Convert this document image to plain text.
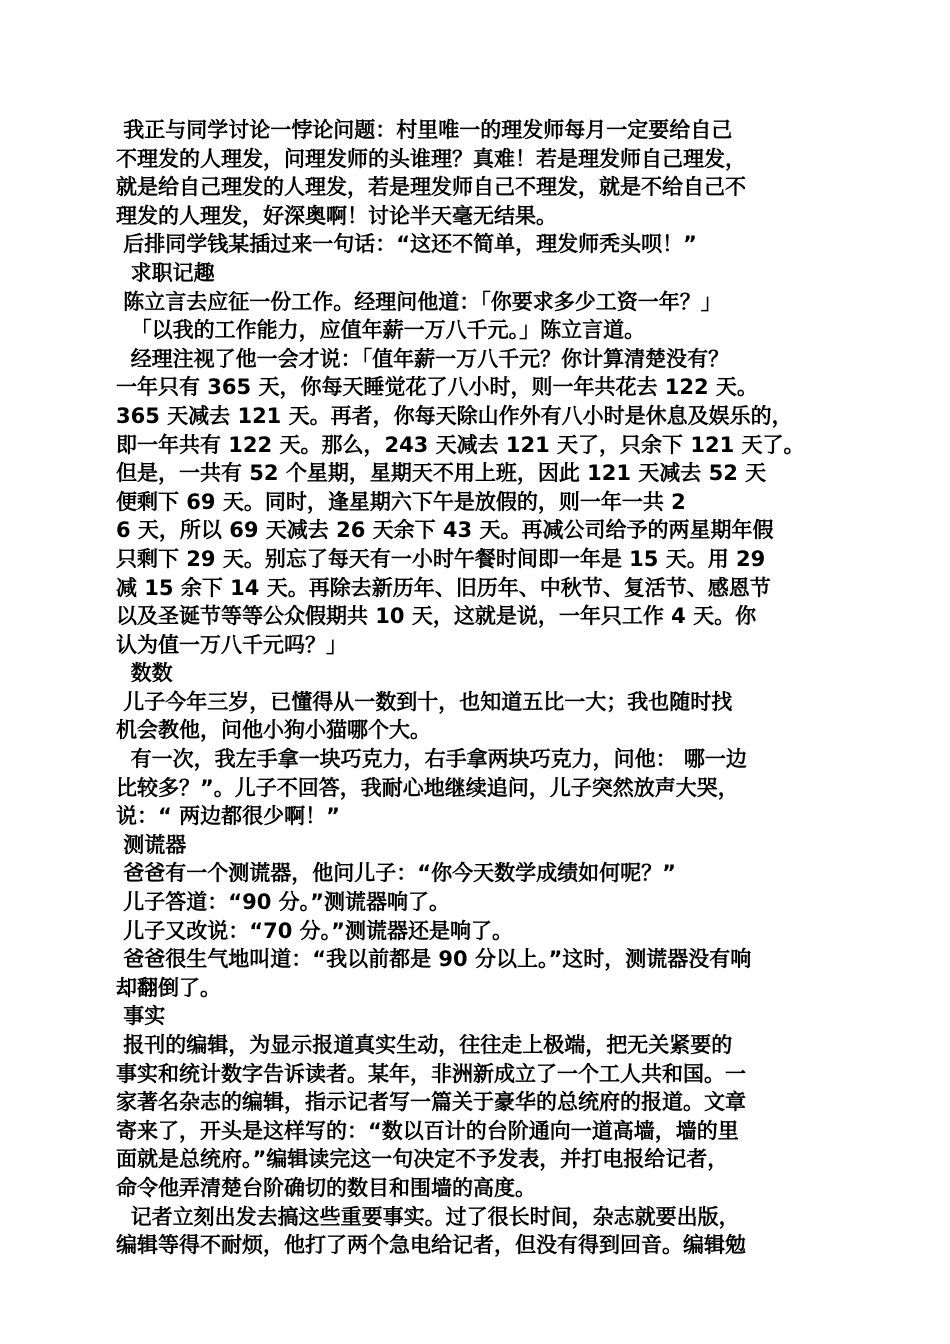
我正与同学讨论一悖论问题：村里唯一的理发师每月一定要给自己
不理发的人理发，问理发师的头谁理？真难！若是理发师自己理发，
就是给自己理发的人理发，若是理发师自己不理发，就是不给自己不
理发的人理发，好深奥啊！讨论半天毫无结果。
后排同学钱某插过来一句话：“这还不简单，理发师秃头呗！”
求职记趣
陈立言去应征一份工作。经理问他道：「你要求多少工资一年？」
「以我的工作能力，应值年薪一万八千元。」陈立言道。
经理注视了他一会才说：「值年薪一万八千元？你计算清楚没有？
一年只有 365 天，你每天睡觉花了八小时，则一年共花去 122 天。
365 天减去 121 天。再者，你每天除山作外有八小时是休息及娱乐的，
即一年共有 122 天。那么，243 天减去 121 天了，只余下 121 天了。
但是，一共有 52 个星期，星期天不用上班，因此 121 天减去 52 天
便剩下 69 天。同时，逢星期六下午是放假的，则一年一共 2
6 天，所以 69 天减去 26 天余下 43 天。再减公司给予的两星期年假
只剩下 29 天。别忘了每天有一小时午餐时间即一年是 15 天。用 29
减 15 余下 14 天。再除去新历年、旧历年、中秋节、复活节、感恩节
以及圣诞节等等公众假期共 10 天，这就是说，一年只工作 4 天。你
认为值一万八千元吗？」
数数
儿子今年三岁，已懂得从一数到十，也知道五比一大；我也随时找
机会教他，问他小狗小猫哪个大。
有一次，我左手拿一块巧克力，右手拿两块巧克力，问他： 哪一边
比较多？”。儿子不回答，我耐心地继续追问，儿子突然放声大哭，
说：“ 两边都很少啊！”
测谎器
爸爸有一个测谎器，他问儿子：“你今天数学成绩如何呢？”
儿子答道：“90 分。”测谎器响了。
儿子又改说：“70 分。”测谎器还是响了。
爸爸很生气地叫道：“我以前都是 90 分以上。”这时，测谎器没有响
却翻倒了。
事实
报刊的编辑，为显示报道真实生动，往往走上极端，把无关紧要的
事实和统计数字告诉读者。某年，非洲新成立了一个工人共和国。一
家著名杂志的编辑，指示记者写一篇关于豪华的总统府的报道。文章
寄来了，开头是这样写的：“数以百计的台阶通向一道高墙，墙的里
面就是总统府。”编辑读完这一句决定不予发表，并打电报给记者，
命令他弄清楚台阶确切的数目和围墙的高度。
记者立刻出发去搞这些重要事实。过了很长时间，杂志就要出版，
编辑等得不耐烦，他打了两个急电给记者，但没有得到回音。编辑勉
